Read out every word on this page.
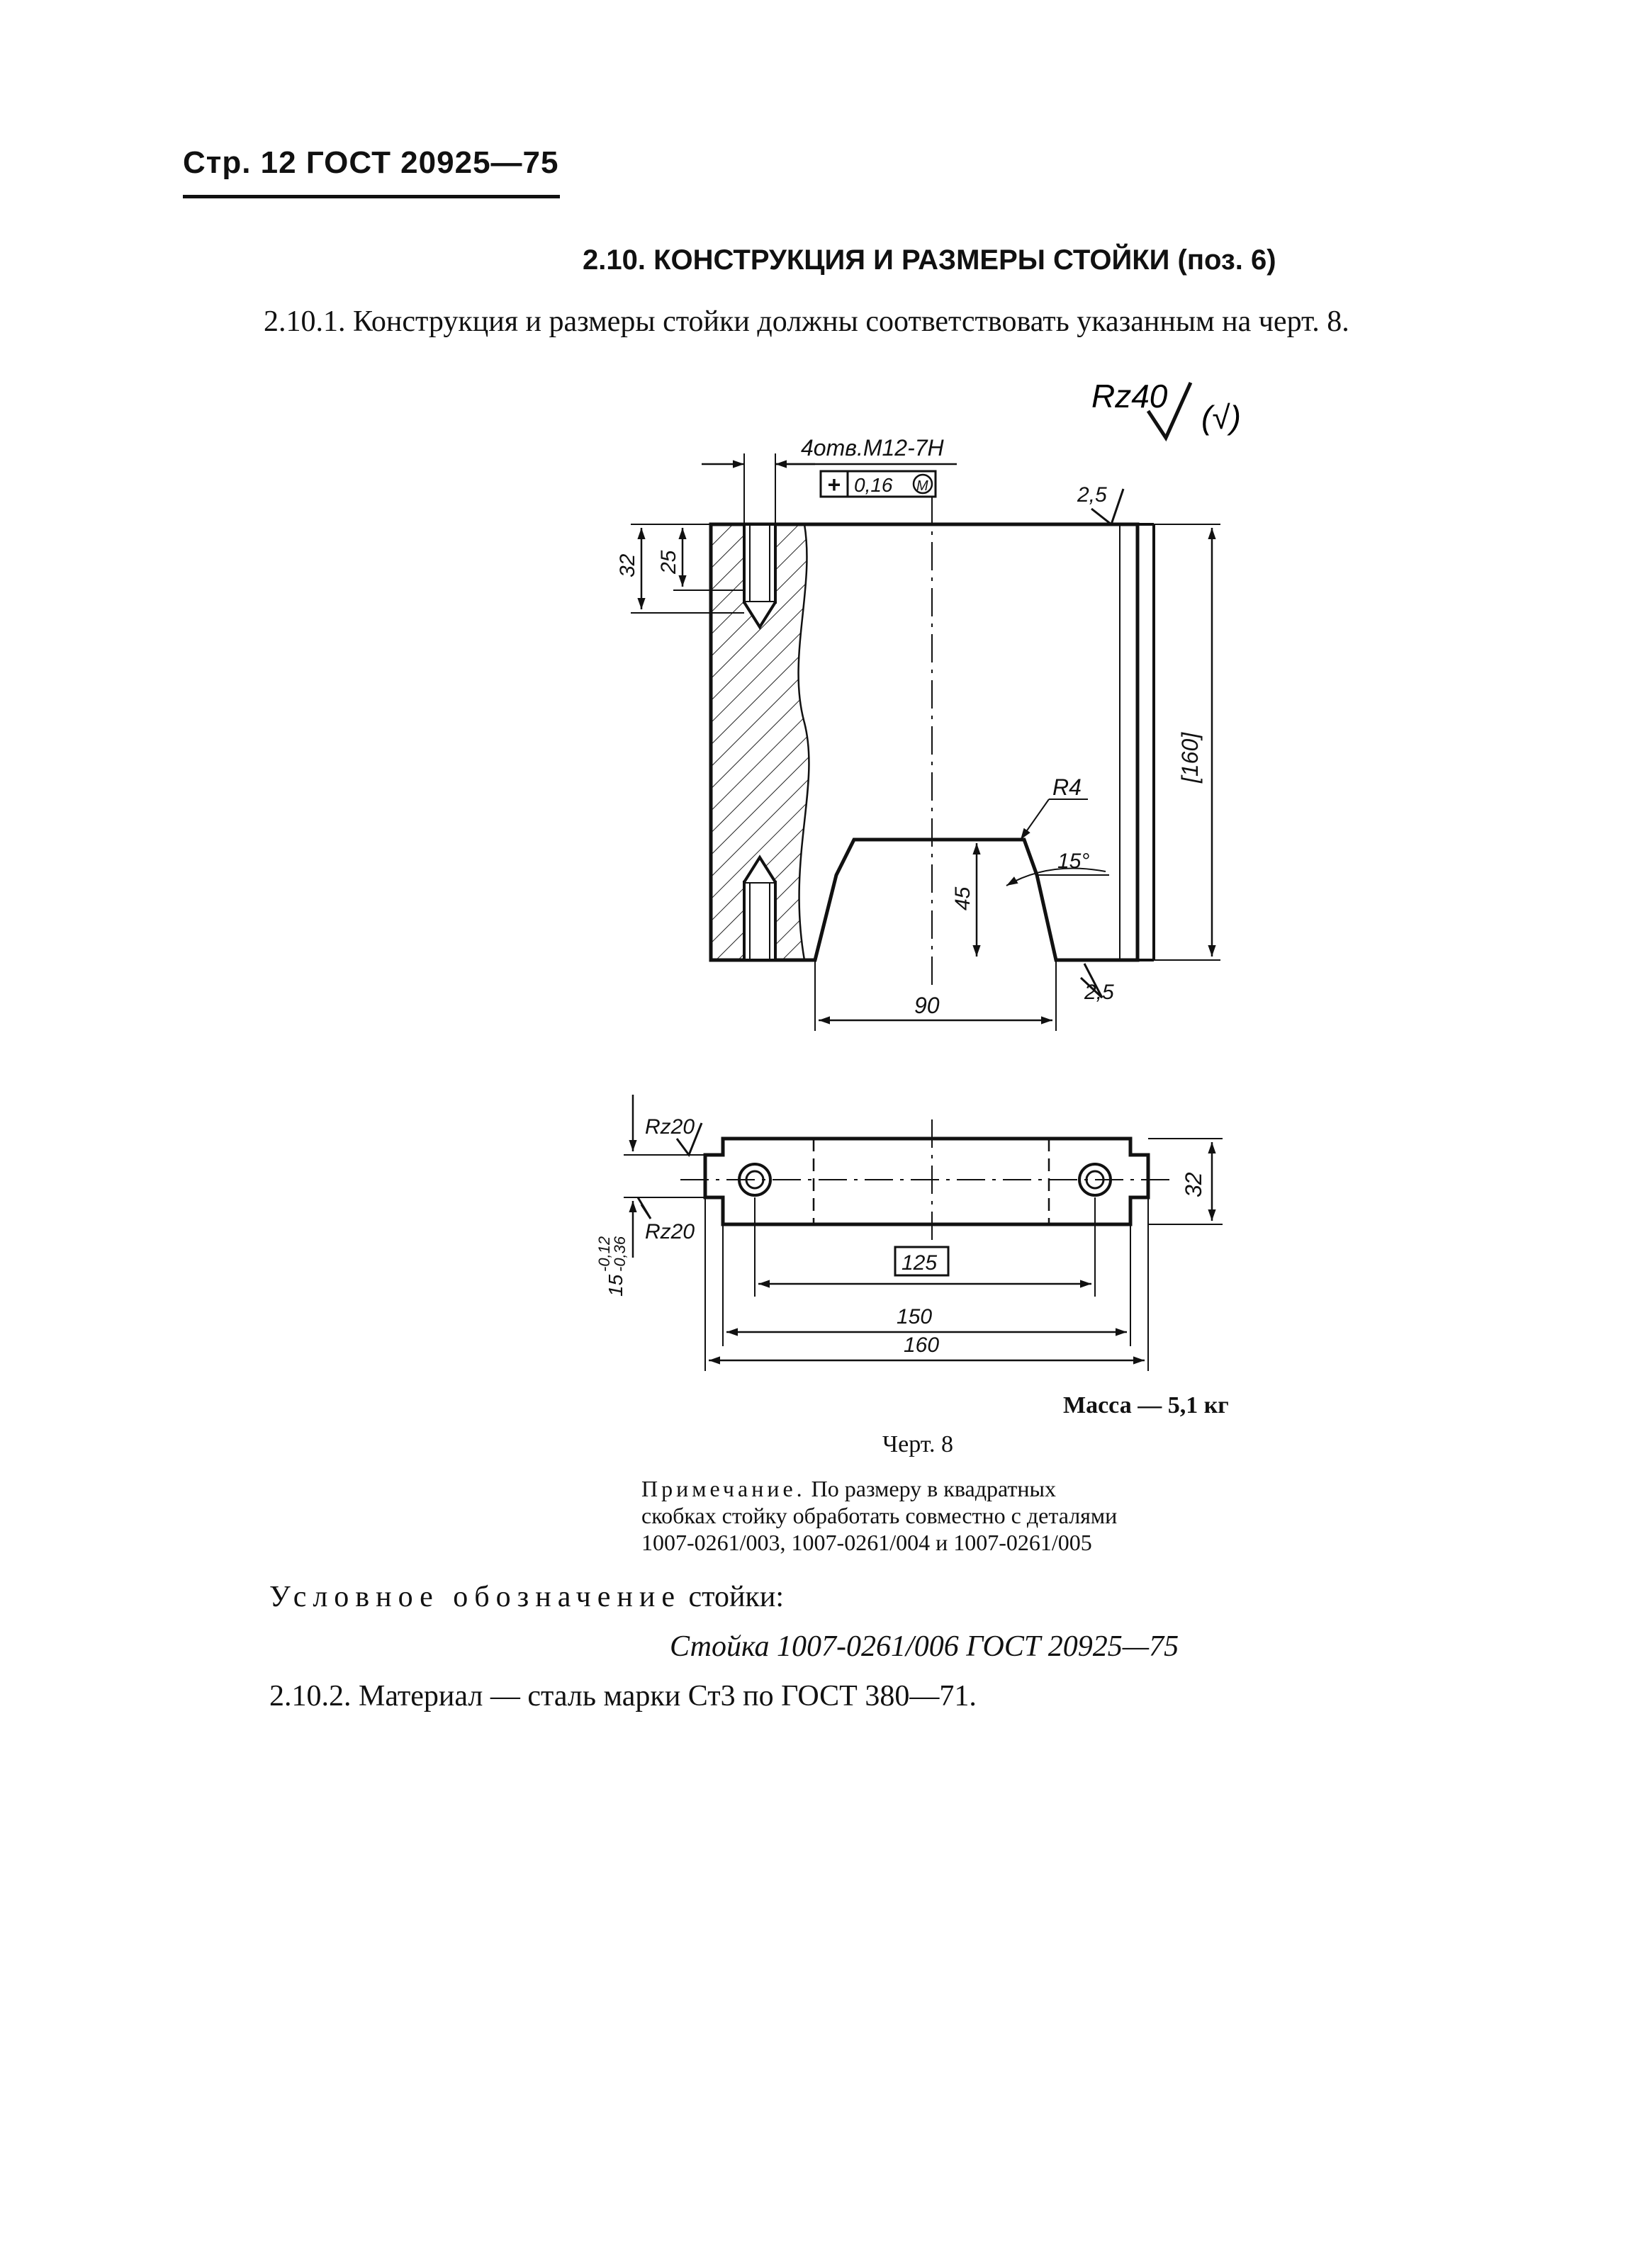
Стр. 12 ГОСТ 20925—75
2.10. КОНСТРУКЦИЯ И РАЗМЕРЫ СТОЙКИ (поз. 6)
2.10.1. Конструкция и размеры стойки должны соответствовать указанным на черт. 8.
Rz40
(√)
4отв.М12-7Н
+ 0,16 М
32 25
2,5
[160]
R4
45
15°
2,5
90
Rz20
Rz20
15
-0,12
-0,36
32
125
150
160
Масса — 5,1 кг
Черт. 8
Примечание. По размеру в квадратных
скобках стойку обработать совместно с деталями
1007-0261/003, 1007-0261/004 и 1007-0261/005
Условное обозначение стойки:
Стойка 1007-0261/006 ГОСТ 20925—75
2.10.2. Материал — сталь марки Ст3 по ГОСТ 380—71.
